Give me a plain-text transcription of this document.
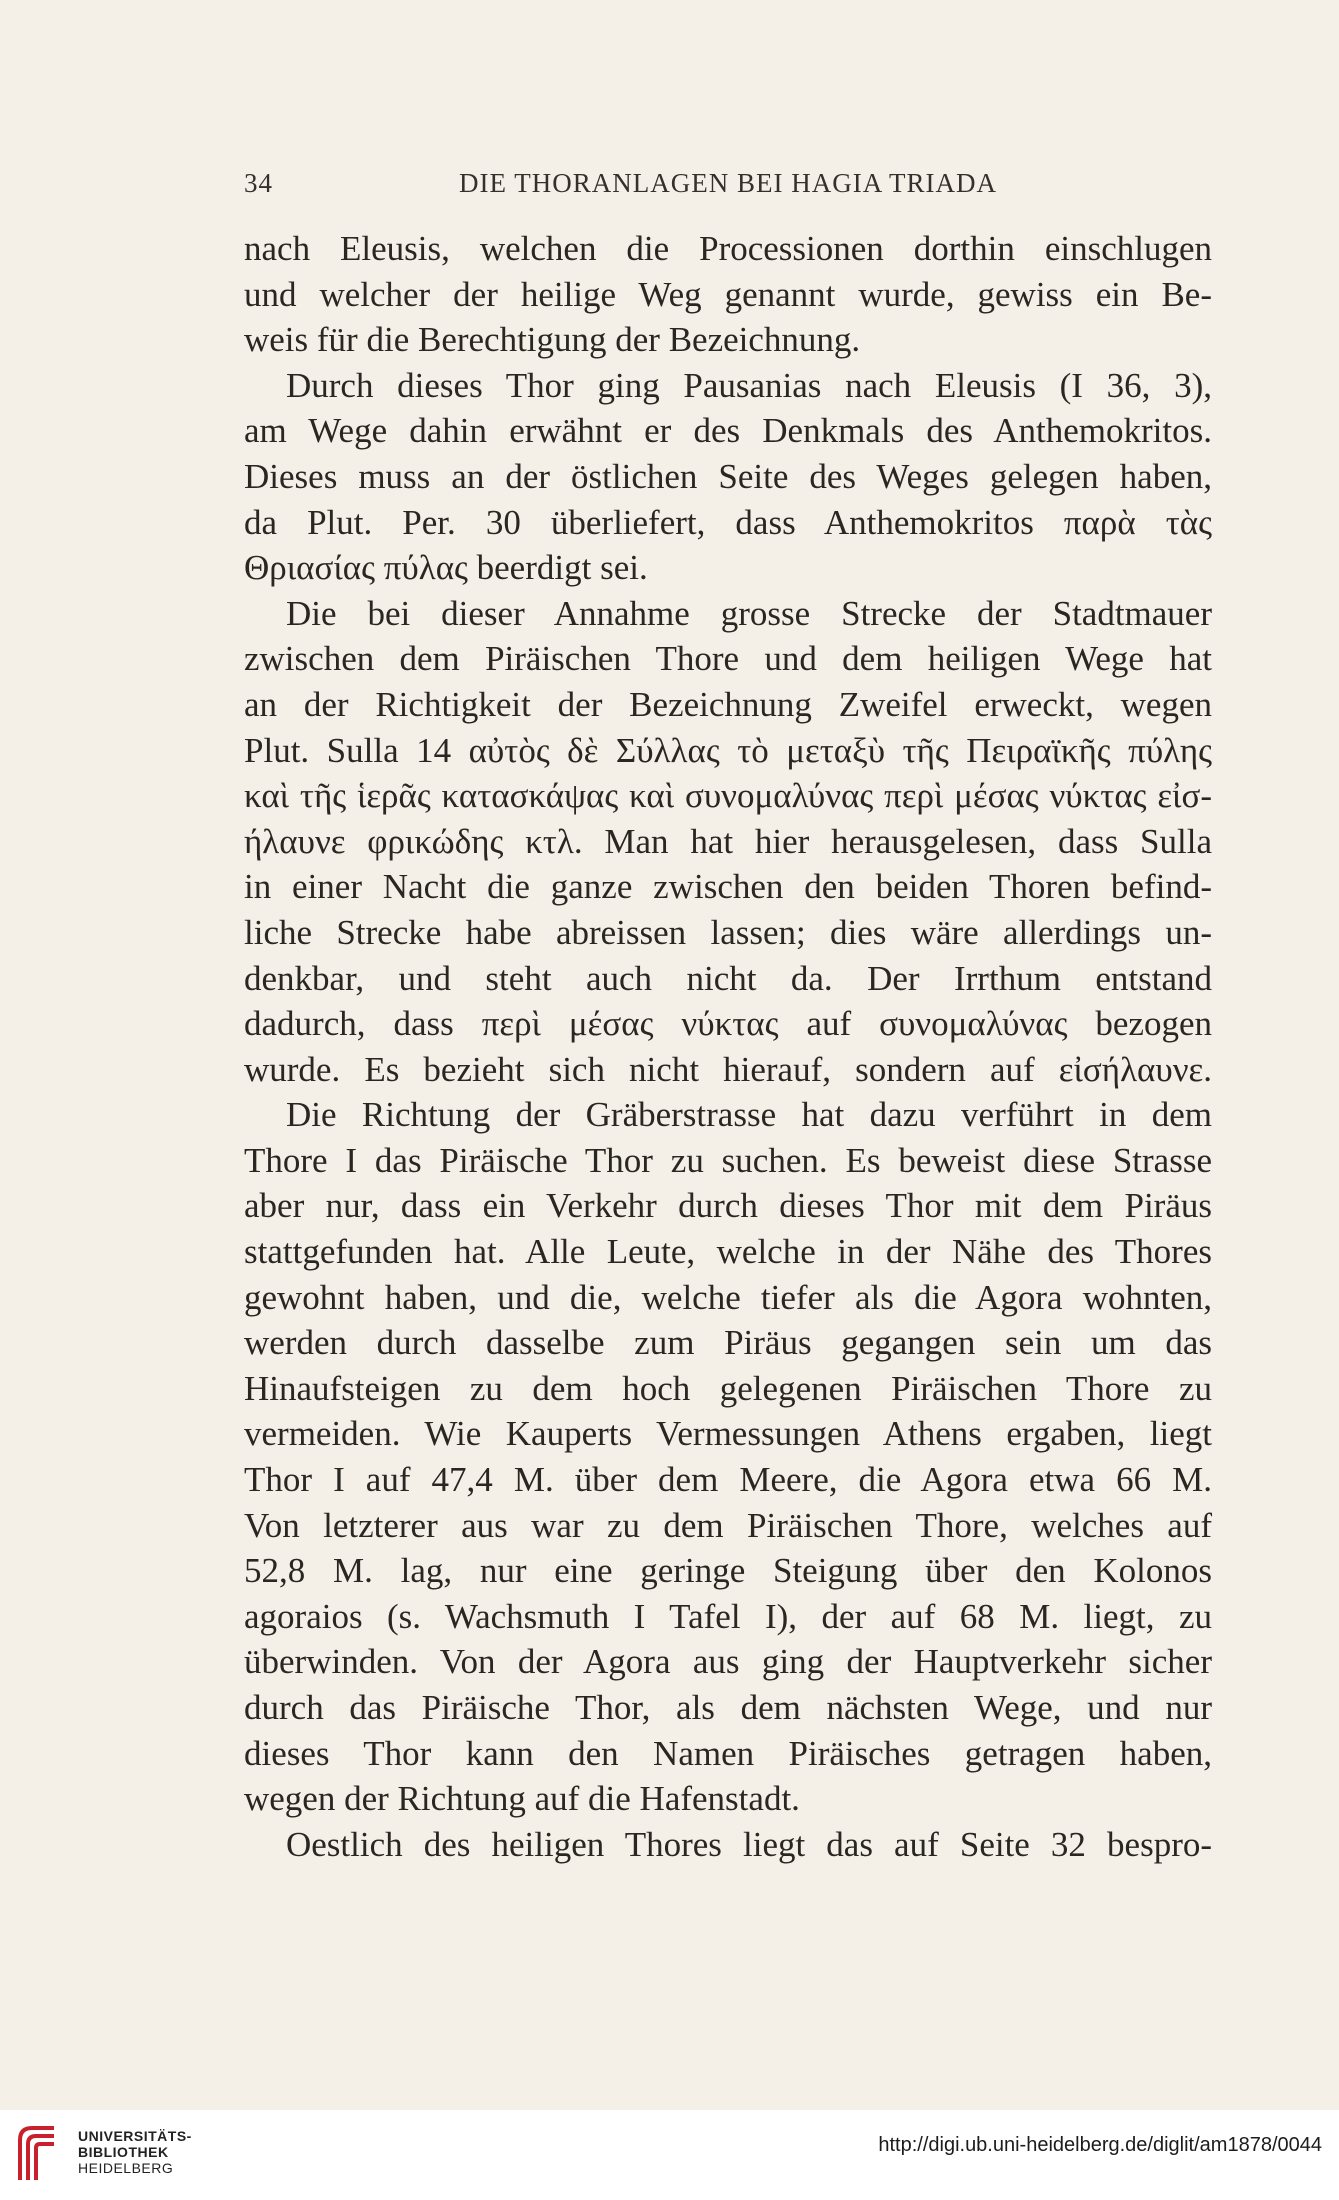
34	DIE THORANLAGEN BEI HAGIA TRIADA
nach Eleusis, welchen die Processionen dorthin einschlugen
und welcher der heilige Weg genannt wurde, gewiss ein Be-
weis für die Berechtigung der Bezeichnung.
Durch dieses Thor ging Pausanias nach Eleusis (I 36, 3),
am Wege dahin erwähnt er des Denkmals des Anthemokritos.
Dieses muss an der östlichen Seite des Weges gelegen haben,
da Plut. Per. 30 überliefert, dass Anthemokritos παρὰ τὰς
Θριασίας πύλας beerdigt sei.
Die bei dieser Annahme grosse Strecke der Stadtmauer
zwischen dem Piräischen Thore und dem heiligen Wege hat
an der Richtigkeit der Bezeichnung Zweifel erweckt, wegen
Plut. Sulla 14 αὐτὸς δὲ Σύλλας τὸ μεταξὺ τῆς Πειραϊκῆς πύλης
καὶ τῆς ἱερᾶς κατασκάψας καὶ συνομαλύνας περὶ μέσας νύκτας εἰσ-
ήλαυνε φρικώδης κτλ. Man hat hier herausgelesen, dass Sulla
in einer Nacht die ganze zwischen den beiden Thoren befind-
liche Strecke habe abreissen lassen; dies wäre allerdings un-
denkbar, und steht auch nicht da. Der Irrthum entstand
dadurch, dass περὶ μέσας νύκτας auf συνομαλύνας bezogen
wurde. Es bezieht sich nicht hierauf, sondern auf εἰσήλαυνε.
Die Richtung der Gräberstrasse hat dazu verführt in dem
Thore I das Piräische Thor zu suchen. Es beweist diese Strasse
aber nur, dass ein Verkehr durch dieses Thor mit dem Piräus
stattgefunden hat. Alle Leute, welche in der Nähe des Thores
gewohnt haben, und die, welche tiefer als die Agora wohnten,
werden durch dasselbe zum Piräus gegangen sein um das
Hinaufsteigen zu dem hoch gelegenen Piräischen Thore zu
vermeiden. Wie Kauperts Vermessungen Athens ergaben, liegt
Thor I auf 47,4 M. über dem Meere, die Agora etwa 66 M.
Von letzterer aus war zu dem Piräischen Thore, welches auf
52,8 M. lag, nur eine geringe Steigung über den Kolonos
agoraios (s. Wachsmuth I Tafel I), der auf 68 M. liegt, zu
überwinden. Von der Agora aus ging der Hauptverkehr sicher
durch das Piräische Thor, als dem nächsten Wege, und nur
dieses Thor kann den Namen Piräisches getragen haben,
wegen der Richtung auf die Hafenstadt.
Oestlich des heiligen Thores liegt das auf Seite 32 bespro-
UNIVERSITÄTS-
BIBLIOTHEK
HEIDELBERG
http://digi.ub.uni-heidelberg.de/diglit/am1878/0044
